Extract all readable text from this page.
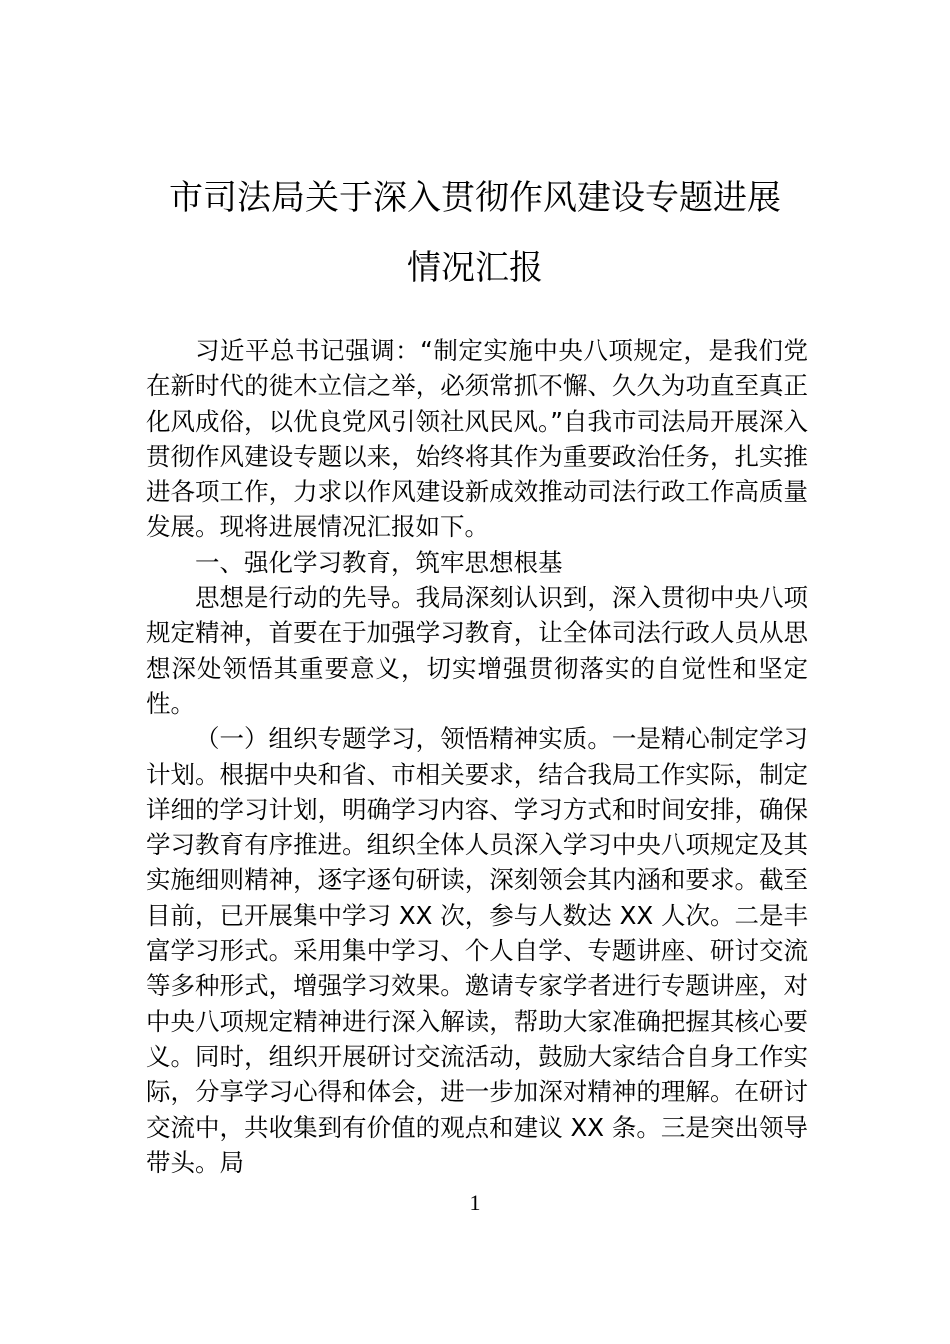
市司法局关于深入贯彻作风建设专题进展
情况汇报

习近平总书记强调：“制定实施中央八项规定，是我们党在新时代的徙木立信之举，必须常抓不懈、久久为功直至真正化风成俗，以优良党风引领社风民风。”自我市司法局开展深入贯彻作风建设专题以来，始终将其作为重要政治任务，扎实推进各项工作，力求以作风建设新成效推动司法行政工作高质量发展。现将进展情况汇报如下。

一、强化学习教育，筑牢思想根基

思想是行动的先导。我局深刻认识到，深入贯彻中央八项规定精神，首要在于加强学习教育，让全体司法行政人员从思想深处领悟其重要意义，切实增强贯彻落实的自觉性和坚定性。

（一）组织专题学习，领悟精神实质。一是精心制定学习计划。根据中央和省、市相关要求，结合我局工作实际，制定详细的学习计划，明确学习内容、学习方式和时间安排，确保学习教育有序推进。组织全体人员深入学习中央八项规定及其实施细则精神，逐字逐句研读，深刻领会其内涵和要求。截至目前，已开展集中学习 XX 次，参与人数达 XX 人次。二是丰富学习形式。采用集中学习、个人自学、专题讲座、研讨交流等多种形式，增强学习效果。邀请专家学者进行专题讲座，对中央八项规定精神进行深入解读，帮助大家准确把握其核心要义。同时，组织开展研讨交流活动，鼓励大家结合自身工作实际，分享学习心得和体会，进一步加深对精神的理解。在研讨交流中，共收集到有价值的观点和建议 XX 条。三是突出领导带头。局

1
